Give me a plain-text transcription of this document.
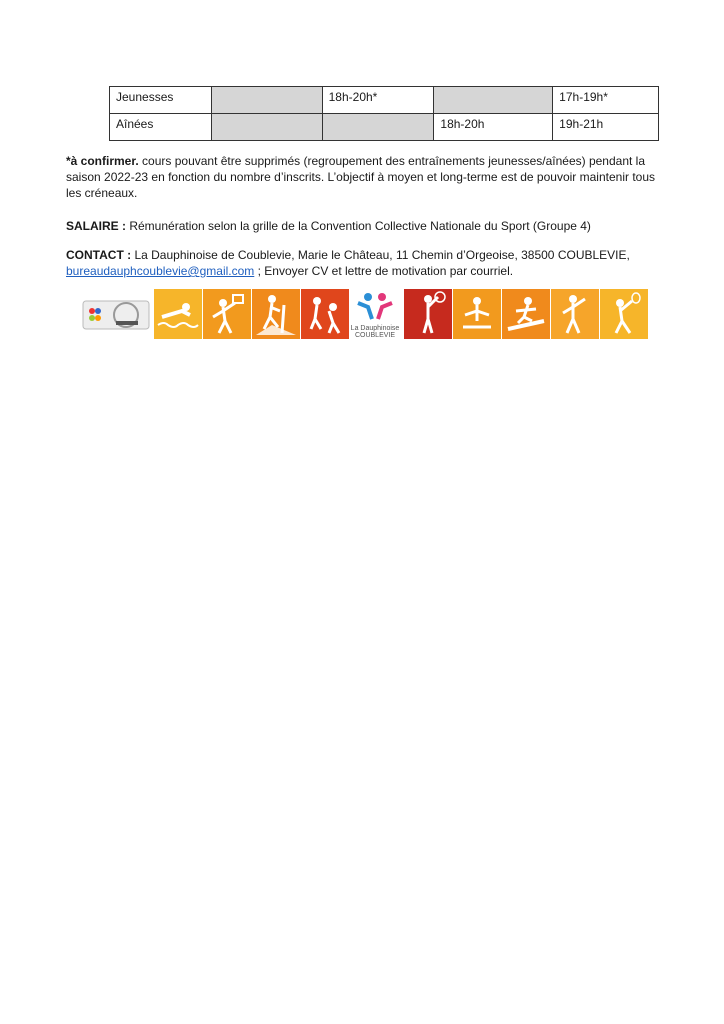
Jeunesses		18h-20h*		17h-19h*
Aînées			18h-20h	19h-21h
*à confirmer. cours pouvant être supprimés (regroupement des entraînements jeunesses/aînées) pendant la saison 2022-23 en fonction du nombre d’inscrits. L’objectif à moyen et long-terme est de pouvoir maintenir tous les créneaux.
SALAIRE : Rémunération selon la grille de la Convention Collective Nationale du Sport (Groupe 4)
CONTACT : La Dauphinoise de Coublevie, Marie le Château, 11 Chemin d’Orgeoise, 38500 COUBLEVIE,
bureaudauphcoublevie@gmail.com ; Envoyer CV et lettre de motivation par courriel.
La Dauphinoise
COUBLEVIE
